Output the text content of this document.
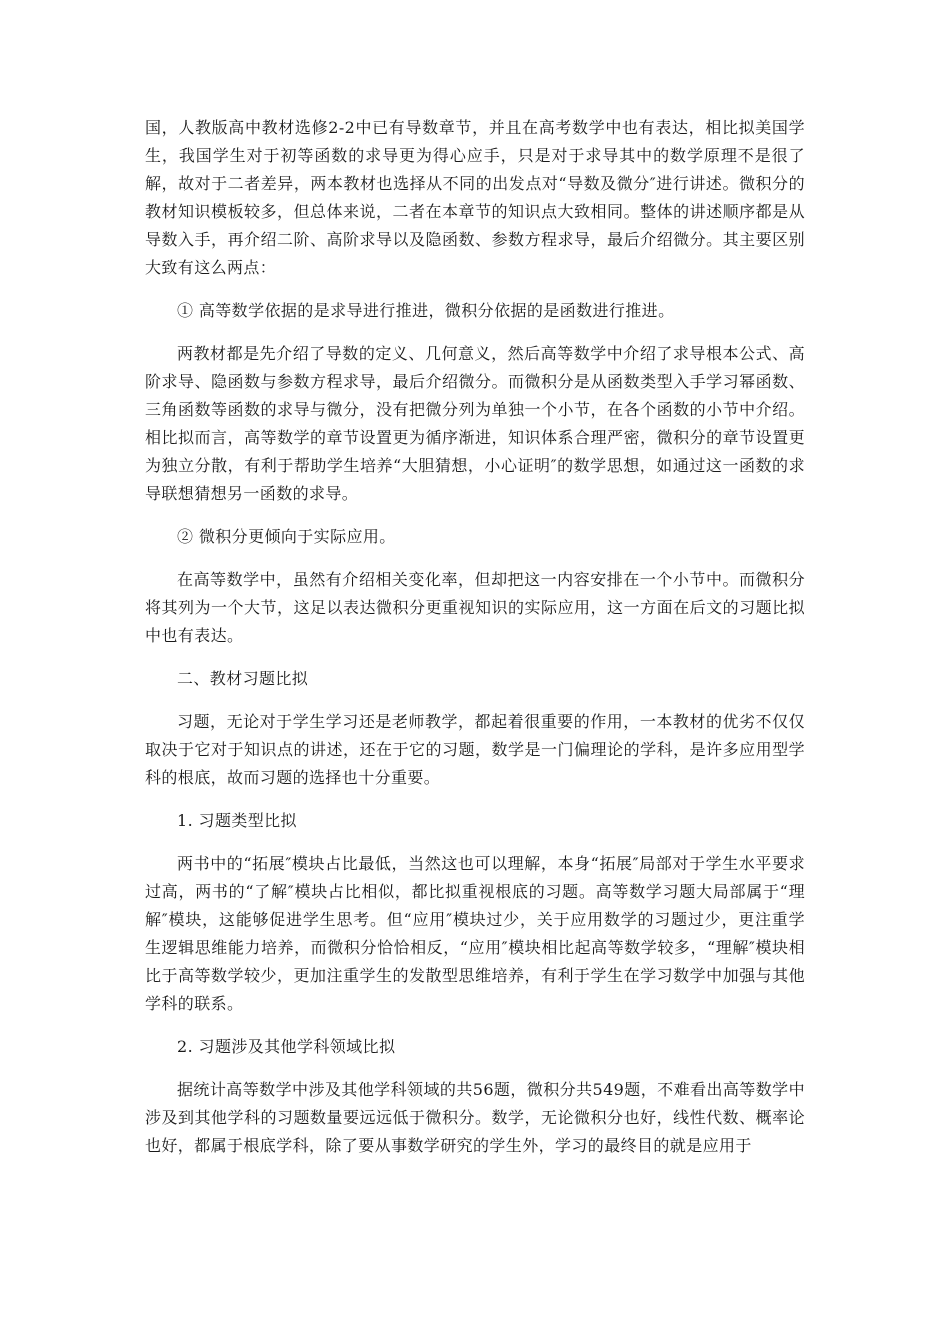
国，人教版高中教材选修2-2中已有导数章节，并且在高考数学中也有表达，相比拟美国学生，我国学生对于初等函数的求导更为得心应手，只是对于求导其中的数学原理不是很了解，故对于二者差异，两本教材也选择从不同的出发点对“导数及微分″进行讲述。微积分的教材知识模板较多，但总体来说，二者在本章节的知识点大致相同。整体的讲述顺序都是从导数入手，再介绍二阶、高阶求导以及隐函数、参数方程求导，最后介绍微分。其主要区别大致有这么两点：

① 高等数学依据的是求导进行推进，微积分依据的是函数进行推进。

两教材都是先介绍了导数的定义、几何意义，然后高等数学中介绍了求导根本公式、高阶求导、隐函数与参数方程求导，最后介绍微分。而微积分是从函数类型入手学习幂函数、三角函数等函数的求导与微分，没有把微分列为单独一个小节，在各个函数的小节中介绍。相比拟而言，高等数学的章节设置更为循序渐进，知识体系合理严密，微积分的章节设置更为独立分散，有利于帮助学生培养“大胆猜想，小心证明″的数学思想，如通过这一函数的求导联想猜想另一函数的求导。

② 微积分更倾向于实际应用。

在高等数学中，虽然有介绍相关变化率，但却把这一内容安排在一个小节中。而微积分将其列为一个大节，这足以表达微积分更重视知识的实际应用，这一方面在后文的习题比拟中也有表达。

二、教材习题比拟

习题，无论对于学生学习还是老师教学，都起着很重要的作用，一本教材的优劣不仅仅取决于它对于知识点的讲述，还在于它的习题，数学是一门偏理论的学科，是许多应用型学科的根底，故而习题的选择也十分重要。

1. 习题类型比拟

两书中的“拓展″模块占比最低，当然这也可以理解，本身“拓展″局部对于学生水平要求过高，两书的“了解″模块占比相似，都比拟重视根底的习题。高等数学习题大局部属于“理解″模块，这能够促进学生思考。但“应用″模块过少，关于应用数学的习题过少，更注重学生逻辑思维能力培养，而微积分恰恰相反，“应用″模块相比起高等数学较多，“理解″模块相比于高等数学较少，更加注重学生的发散型思维培养，有利于学生在学习数学中加强与其他学科的联系。

2. 习题涉及其他学科领域比拟

据统计高等数学中涉及其他学科领域的共56题，微积分共549题，不难看出高等数学中涉及到其他学科的习题数量要远远低于微积分。数学，无论微积分也好，线性代数、概率论也好，都属于根底学科，除了要从事数学研究的学生外，学习的最终目的就是应用于
